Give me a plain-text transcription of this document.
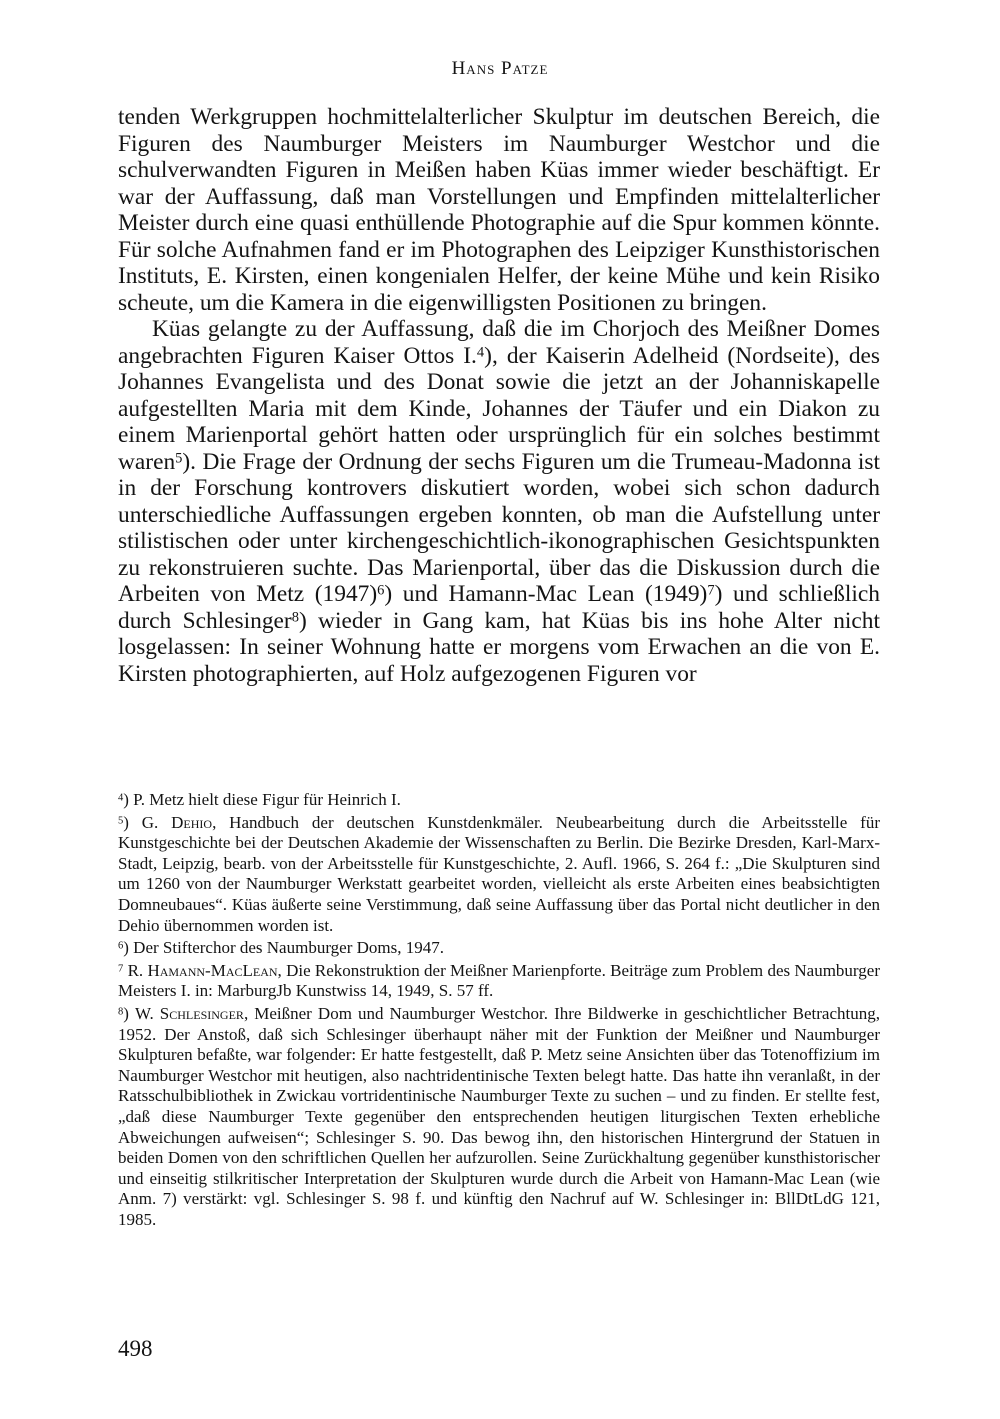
Hans Patze

tenden Werkgruppen hochmittelalterlicher Skulptur im deutschen Bereich, die Figuren des Naumburger Meisters im Naumburger Westchor und die schulverwandten Figuren in Meißen haben Küas immer wieder beschäftigt. Er war der Auffassung, daß man Vorstellungen und Empfinden mittelalterlicher Meister durch eine quasi enthüllende Photographie auf die Spur kommen könnte. Für solche Aufnahmen fand er im Photographen des Leipziger Kunsthistorischen Instituts, E. Kirsten, einen kongenialen Helfer, der keine Mühe und kein Risiko scheute, um die Kamera in die eigenwilligsten Positionen zu bringen.

Küas gelangte zu der Auffassung, daß die im Chorjoch des Meißner Domes angebrachten Figuren Kaiser Ottos I.$^4$), der Kaiserin Adelheid (Nordseite), des Johannes Evangelista und des Donat sowie die jetzt an der Johanniskapelle aufgestellten Maria mit dem Kinde, Johannes der Täufer und ein Diakon zu einem Marienportal gehört hatten oder ursprünglich für ein solches bestimmt waren$^5$). Die Frage der Ordnung der sechs Figuren um die Trumeau-Madonna ist in der Forschung kontrovers diskutiert worden, wobei sich schon dadurch unterschiedliche Auffassungen ergeben konnten, ob man die Aufstellung unter stilistischen oder unter kirchengeschichtlich-ikonographischen Gesichtspunkten zu rekonstruieren suchte. Das Marienportal, über das die Diskussion durch die Arbeiten von Metz $(1947)^6$) und Hamann-Mac Lean $(1949)^7$) und schließlich durch Schlesinger$^8$) wieder in Gang kam, hat Küas bis ins hohe Alter nicht losgelassen: In seiner Wohnung hatte er morgens vom Erwachen an die von E. Kirsten photographierten, auf Holz aufgezogenen Figuren vor

$^4$) P. Metz hielt diese Figur für Heinrich I.

$^5$) G. Dehio, Handbuch der deutschen Kunstdenkmäler. Neubearbeitung durch die Arbeitsstelle für Kunstgeschichte bei der Deutschen Akademie der Wissenschaften zu Berlin. Die Bezirke Dresden, Karl-Marx-Stadt, Leipzig, bearb. von der Arbeitsstelle für Kunstgeschichte, 2. Aufl. 1966, S. 264 f.: „Die Skulpturen sind um 1260 von der Naumburger Werkstatt gearbeitet worden, vielleicht als erste Arbeiten eines beabsichtigten Domneubaues“. Küas äußerte seine Verstimmung, daß seine Auffassung über das Portal nicht deutlicher in den Dehio übernommen worden ist.

$^6$) Der Stifterchor des Naumburger Doms, 1947.

$^7$ R. Hamann-MacLean, Die Rekonstruktion der Meißner Marienpforte. Beiträge zum Problem des Naumburger Meisters I. in: MarburgJb Kunstwiss 14, 1949, S. 57 ff.

$^8$) W. Schlesinger, Meißner Dom und Naumburger Westchor. Ihre Bildwerke in geschichtlicher Betrachtung, 1952. Der Anstoß, daß sich Schlesinger überhaupt näher mit der Funktion der Meißner und Naumburger Skulpturen befaßte, war folgender: Er hatte festgestellt, daß P. Metz seine Ansichten über das Totenoffizium im Naumburger Westchor mit heutigen, also nachtridentinische Texten belegt hatte. Das hatte ihn veranlaßt, in der Ratsschulbibliothek in Zwickau vortridentinische Naumburger Texte zu suchen – und zu finden. Er stellte fest, „daß diese Naumburger Texte gegenüber den entsprechenden heutigen liturgischen Texten erhebliche Abweichungen aufweisen“; Schlesinger S. 90. Das bewog ihn, den historischen Hintergrund der Statuen in beiden Domen von den schriftlichen Quellen her aufzurollen. Seine Zurückhaltung gegenüber kunsthistorischer und einseitig stilkritischer Interpretation der Skulpturen wurde durch die Arbeit von Hamann-Mac Lean (wie Anm. 7) verstärkt: vgl. Schlesinger S. 98 f. und künftig den Nachruf auf W. Schlesinger in: BllDtLdG 121, 1985.

498
